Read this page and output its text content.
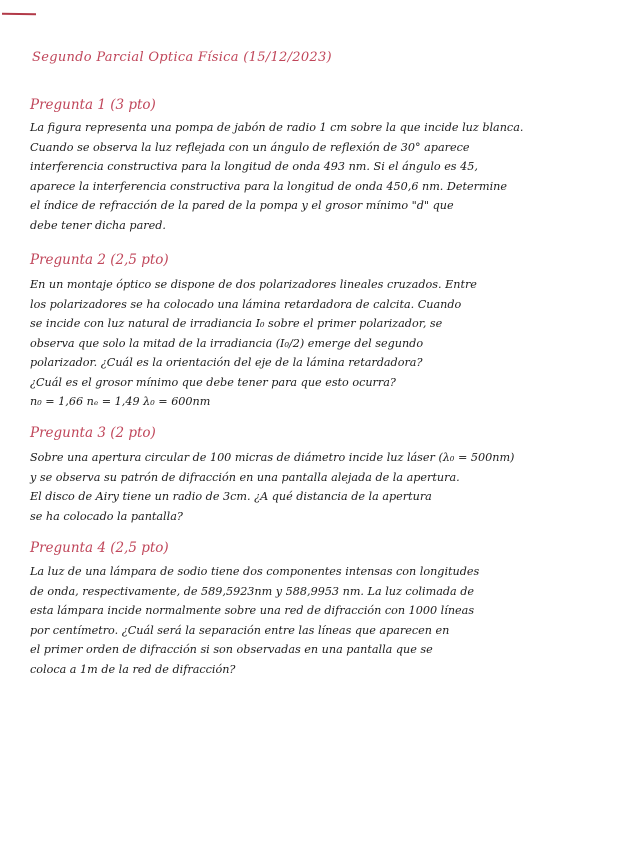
Segundo Parcial Optica Física (15/12/2023)
Pregunta 1 (3 pto)
La figura representa una pompa de jabón de radio 1 cm sobre la que incide luz blanca.
Cuando se observa la luz reflejada con un ángulo de reflexión de 30° aparece
interferencia constructiva para la longitud de onda 493 nm. Si el ángulo es 45,
aparece la interferencia constructiva para la longitud de onda 450,6 nm. Determine
el índice de refracción de la pared de la pompa y el grosor mínimo "d" que
debe tener dicha pared.
Pregunta 2 (2,5 pto)
En un montaje óptico se dispone de dos polarizadores lineales cruzados. Entre
los polarizadores se ha colocado una lámina retardadora de calcita. Cuando
se incide con luz natural de irradiancia I₀ sobre el primer polarizador, se
observa que solo la mitad de la irradiancia (I₀/2) emerge del segundo
polarizador. ¿Cuál es la orientación del eje de la lámina retardadora?
¿Cuál es el grosor mínimo que debe tener para que esto ocurra?
n₀ = 1,66 nₑ = 1,49 λ₀ = 600nm
Pregunta 3 (2 pto)
Sobre una apertura circular de 100 micras de diámetro incide luz láser (λ₀ = 500nm)
y se observa su patrón de difracción en una pantalla alejada de la apertura.
El disco de Airy tiene un radio de 3cm. ¿A qué distancia de la apertura
se ha colocado la pantalla?
Pregunta 4 (2,5 pto)
La luz de una lámpara de sodio tiene dos componentes intensas con longitudes
de onda, respectivamente, de 589,5923nm y 588,9953 nm. La luz colimada de
esta lámpara incide normalmente sobre una red de difracción con 1000 líneas
por centímetro. ¿Cuál será la separación entre las líneas que aparecen en
el primer orden de difracción si son observadas en una pantalla que se
coloca a 1m de la red de difracción?
